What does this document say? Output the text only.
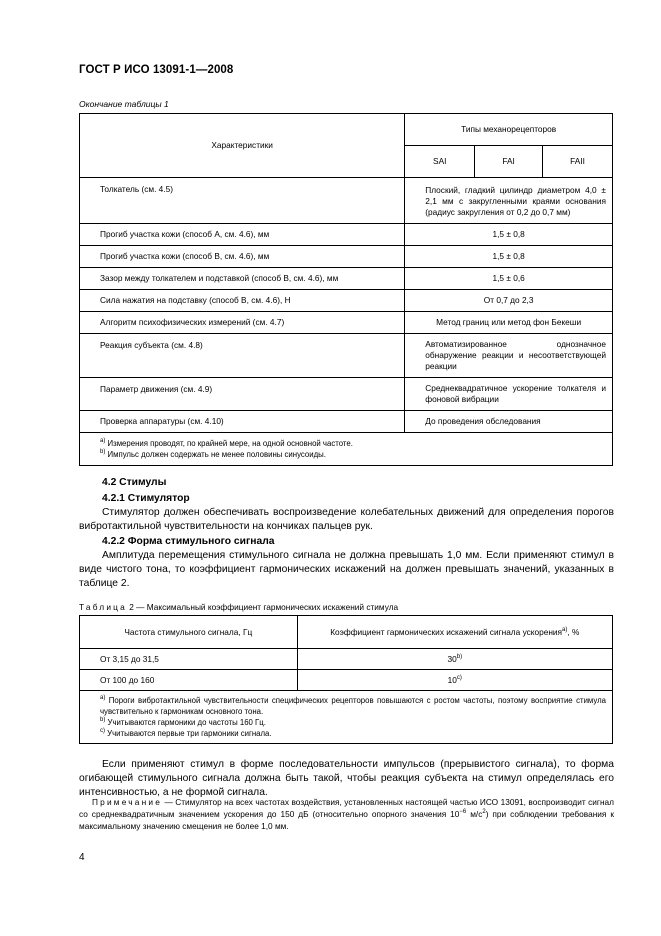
ГОСТ Р ИСО 13091-1—2008
Окончание таблицы 1
Характеристики	Типы механорецепторов		
	SAI	FAI	FAII
Толкатель (см. 4.5)	Плоский, гладкий цилиндр диаметром 4,0 ± 2,1 мм с закругленными краями основания (радиус закругления от 0,2 до 0,7 мм)		
Прогиб участка кожи (способ А, см. 4.6), мм	1,5 ± 0,8		
Прогиб участка кожи (способ В, см. 4.6), мм	1,5 ± 0,8		
Зазор между толкателем и подставкой (способ В, см. 4.6), мм	1,5 ± 0,6		
Сила нажатия на подставку (способ В, см. 4.6), Н	От 0,7 до 2,3		
Алгоритм психофизических измерений (см. 4.7)	Метод границ или метод фон Бекеши		
Реакция субъекта (см. 4.8)	Автоматизированное однозначное обнаружение реакции и несоответствующей реакции		
Параметр движения (см. 4.9)	Среднеквадратичное ускорение толкателя и фоновой вибрации		
Проверка аппаратуры (см. 4.10)	До проведения обследования		

$^{a)}$ Измерения проводят, по крайней мере, на одной основной частоте.
$^{b)}$ Импульс должен содержать не менее половины синусоиды.			
4.2 Стимулы
4.2.1 Стимулятор
Стимулятор должен обеспечивать воспроизведение колебательных движений для определения порогов вибротактильной чувствительности на кончиках пальцев рук.
4.2.2 Форма стимульного сигнала
Амплитуда перемещения стимульного сигнала не должна превышать 1,0 мм. Если применяют стимул в виде чистого тона, то коэффициент гармонических искажений на должен превышать значений, указанных в таблице 2.
Таблица 2 — Максимальный коэффициент гармонических искажений стимула
Частота стимульного сигнала, Гц	Коэффициент гармонических искажений сигнала ускорения$^{a)}$, %
От 3,15 до 31,5	30$^{b)}$
От 100 до 160	10$^{c)}$

$^{a)}$ Пороги вибротактильной чувствительности специфических рецепторов повышаются с ростом частоты, поэтому восприятие стимула чувствительно к гармоникам основного тона.
$^{b)}$ Учитываются гармоники до частоты 160 Гц.
$^{c)}$ Учитываются первые три гармоники сигнала.	
Если применяют стимул в форме последовательности импульсов (прерывистого сигнала), то форма огибающей стимульного сигнала должна быть такой, чтобы реакция субъекта на стимул определялась его интенсивностью, а не формой сигнала.
Примечание — Стимулятор на всех частотах воздействия, установленных настоящей частью ИСО 13091, воспроизводит сигнал со среднеквадратичным значением ускорения до 150 дБ (относительно опорного значения $10^{-6}$ $м/с^2$) при соблюдении требования к максимальному значению смещения не более 1,0 мм.
4
